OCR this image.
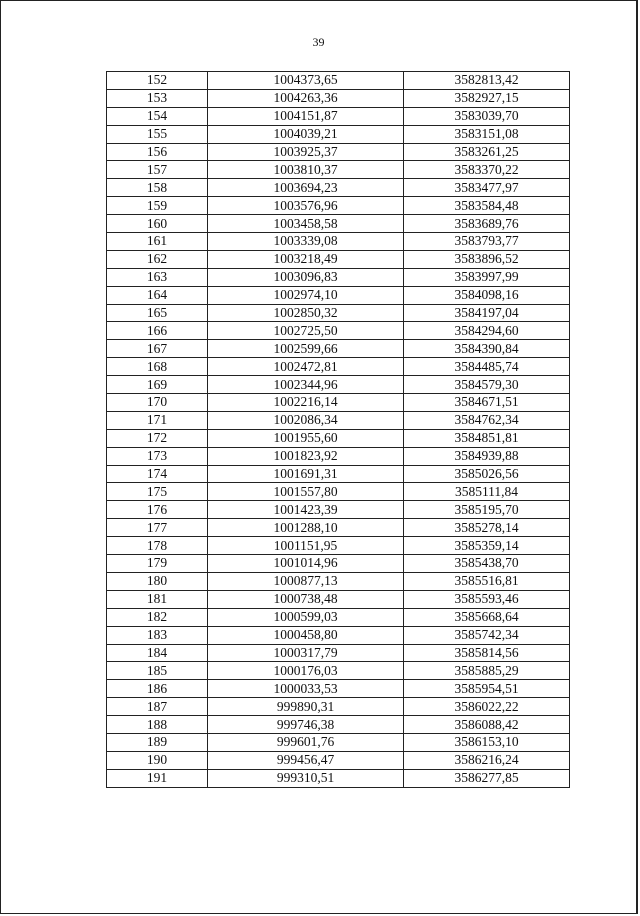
39
152	1004373,65	3582813,42
153	1004263,36	3582927,15
154	1004151,87	3583039,70
155	1004039,21	3583151,08
156	1003925,37	3583261,25
157	1003810,37	3583370,22
158	1003694,23	3583477,97
159	1003576,96	3583584,48
160	1003458,58	3583689,76
161	1003339,08	3583793,77
162	1003218,49	3583896,52
163	1003096,83	3583997,99
164	1002974,10	3584098,16
165	1002850,32	3584197,04
166	1002725,50	3584294,60
167	1002599,66	3584390,84
168	1002472,81	3584485,74
169	1002344,96	3584579,30
170	1002216,14	3584671,51
171	1002086,34	3584762,34
172	1001955,60	3584851,81
173	1001823,92	3584939,88
174	1001691,31	3585026,56
175	1001557,80	3585111,84
176	1001423,39	3585195,70
177	1001288,10	3585278,14
178	1001151,95	3585359,14
179	1001014,96	3585438,70
180	1000877,13	3585516,81
181	1000738,48	3585593,46
182	1000599,03	3585668,64
183	1000458,80	3585742,34
184	1000317,79	3585814,56
185	1000176,03	3585885,29
186	1000033,53	3585954,51
187	999890,31	3586022,22
188	999746,38	3586088,42
189	999601,76	3586153,10
190	999456,47	3586216,24
191	999310,51	3586277,85
